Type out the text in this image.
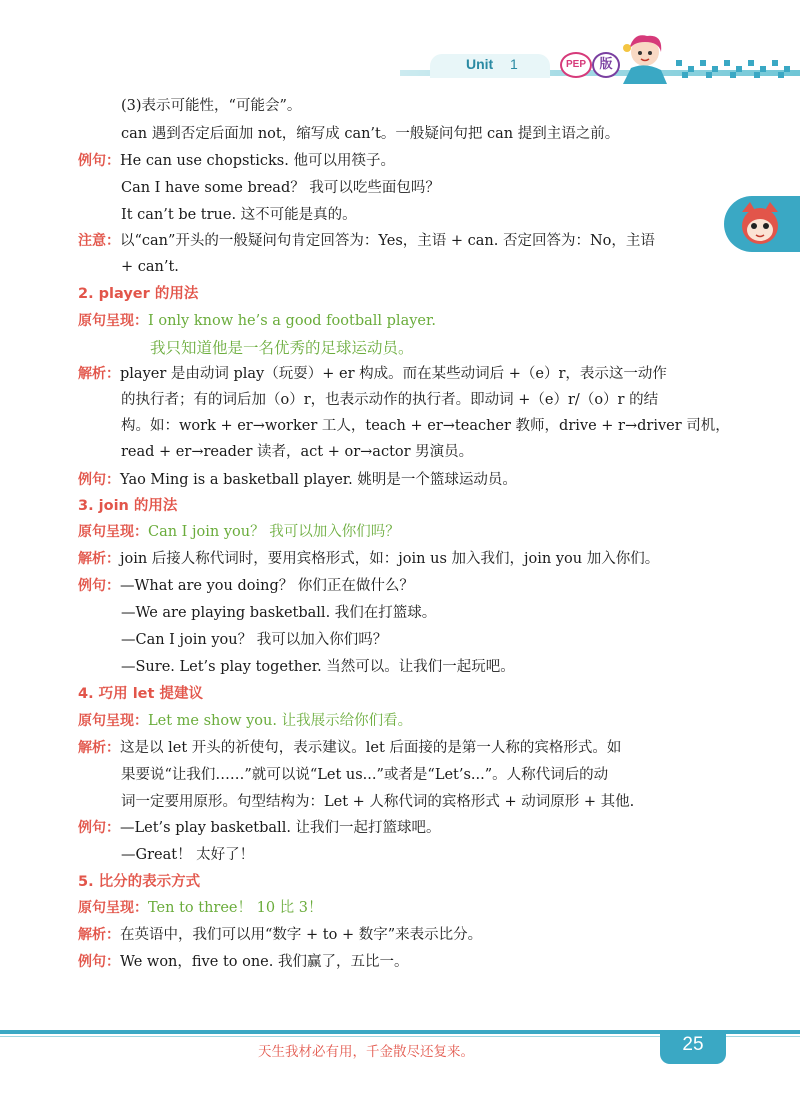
Unit 1	PEP	版
(3)表示可能性，“可能会”。
can 遇到否定后面加 not，缩写成 can’t。一般疑问句把 can 提到主语之前。
例句：He can use chopsticks. 他可以用筷子。
Can I have some bread？ 我可以吃些面包吗？
It can’t be true. 这不可能是真的。
注意：以“can”开头的一般疑问句肯定回答为：Yes，主语 + can. 否定回答为：No，主语
+ can’t.
2. player 的用法
原句呈现：I only know he’s a good football player.
我只知道他是一名优秀的足球运动员。
解析：player 是由动词 play（玩耍）+ er 构成。而在某些动词后 +（e）r，表示这一动作
的执行者；有的词后加（o）r，也表示动作的执行者。即动词 +（e）r/（o）r 的结
构。如：work + er→worker 工人，teach + er→teacher 教师，drive + r→driver 司机，
read + er→reader 读者，act + or→actor 男演员。
例句：Yao Ming is a basketball player. 姚明是一个篮球运动员。
3. join 的用法
原句呈现：Can I join you？ 我可以加入你们吗？
解析：join 后接人称代词时，要用宾格形式，如：join us 加入我们，join you 加入你们。
例句：—What are you doing？ 你们正在做什么？
—We are playing basketball. 我们在打篮球。
—Can I join you？ 我可以加入你们吗？
—Sure. Let’s play together. 当然可以。让我们一起玩吧。
4. 巧用 let 提建议
原句呈现：Let me show you. 让我展示给你们看。
解析：这是以 let 开头的祈使句，表示建议。let 后面接的是第一人称的宾格形式。如
果要说“让我们……”就可以说“Let us...”或者是“Let’s...”。人称代词后的动
词一定要用原形。句型结构为：Let + 人称代词的宾格形式 + 动词原形 + 其他.
例句：—Let’s play basketball. 让我们一起打篮球吧。
—Great！ 太好了！
5. 比分的表示方式
原句呈现：Ten to three！ 10 比 3！
解析：在英语中，我们可以用“数字 + to + 数字”来表示比分。
例句：We won，five to one. 我们赢了，五比一。
天生我材必有用，千金散尽还复来。	25
